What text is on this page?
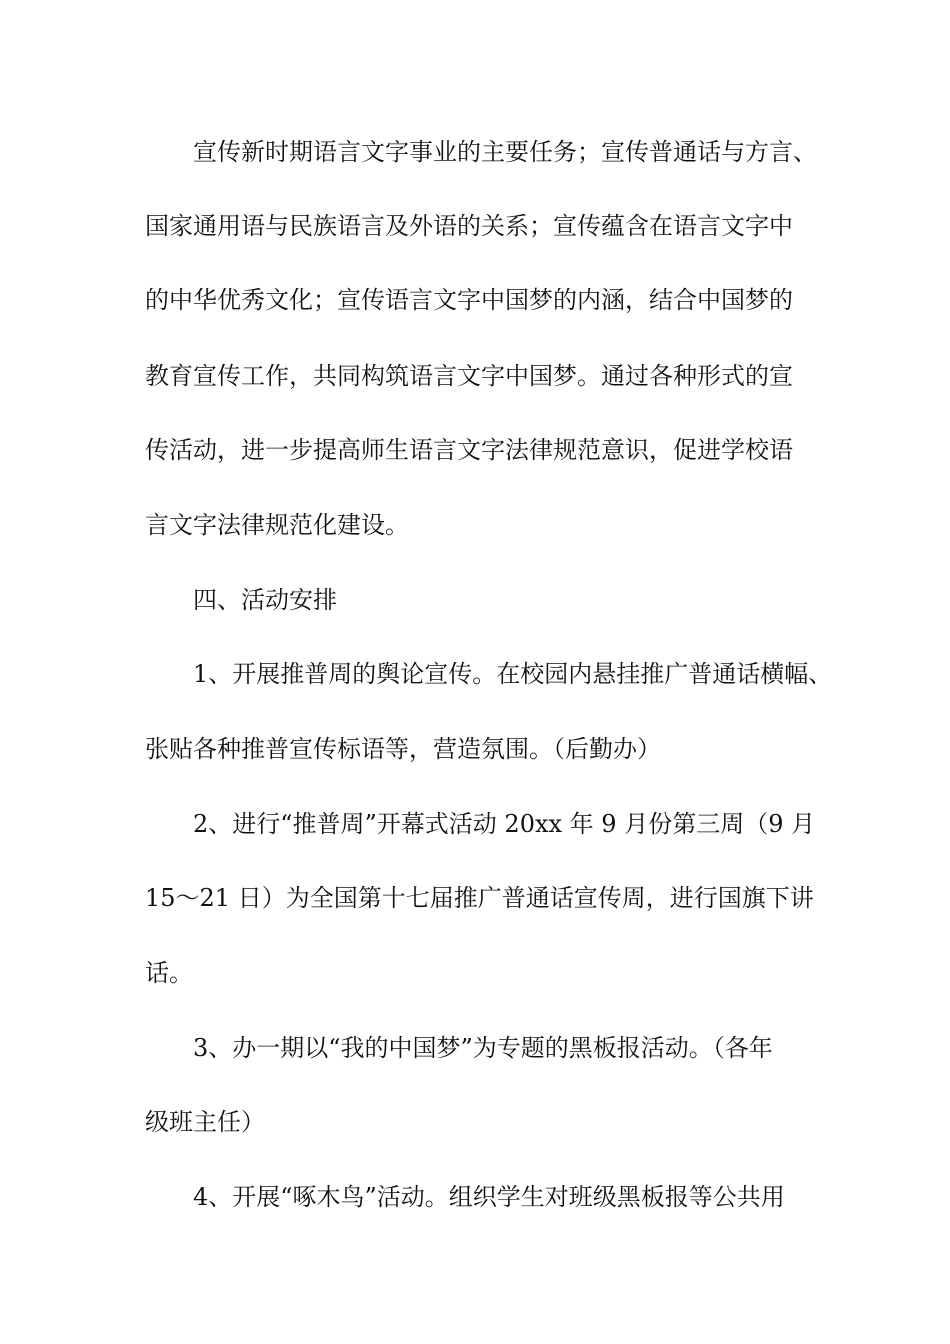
宣传新时期语言文字事业的主要任务；宣传普通话与方言、
国家通用语与民族语言及外语的关系；宣传蕴含在语言文字中
的中华优秀文化；宣传语言文字中国梦的内涵，结合中国梦的
教育宣传工作，共同构筑语言文字中国梦。通过各种形式的宣
传活动，进一步提高师生语言文字法律规范意识，促进学校语
言文字法律规范化建设。
四、活动安排
1、开展推普周的舆论宣传。在校园内悬挂推广普通话横幅、
张贴各种推普宣传标语等，营造氛围。（后勤办）
2、进行“推普周”开幕式活动 20xx 年 9 月份第三周（9 月
15～21 日）为全国第十七届推广普通话宣传周，进行国旗下讲
话。
3、办一期以“我的中国梦”为专题的黑板报活动。（各年
级班主任）
4、开展“啄木鸟”活动。组织学生对班级黑板报等公共用
